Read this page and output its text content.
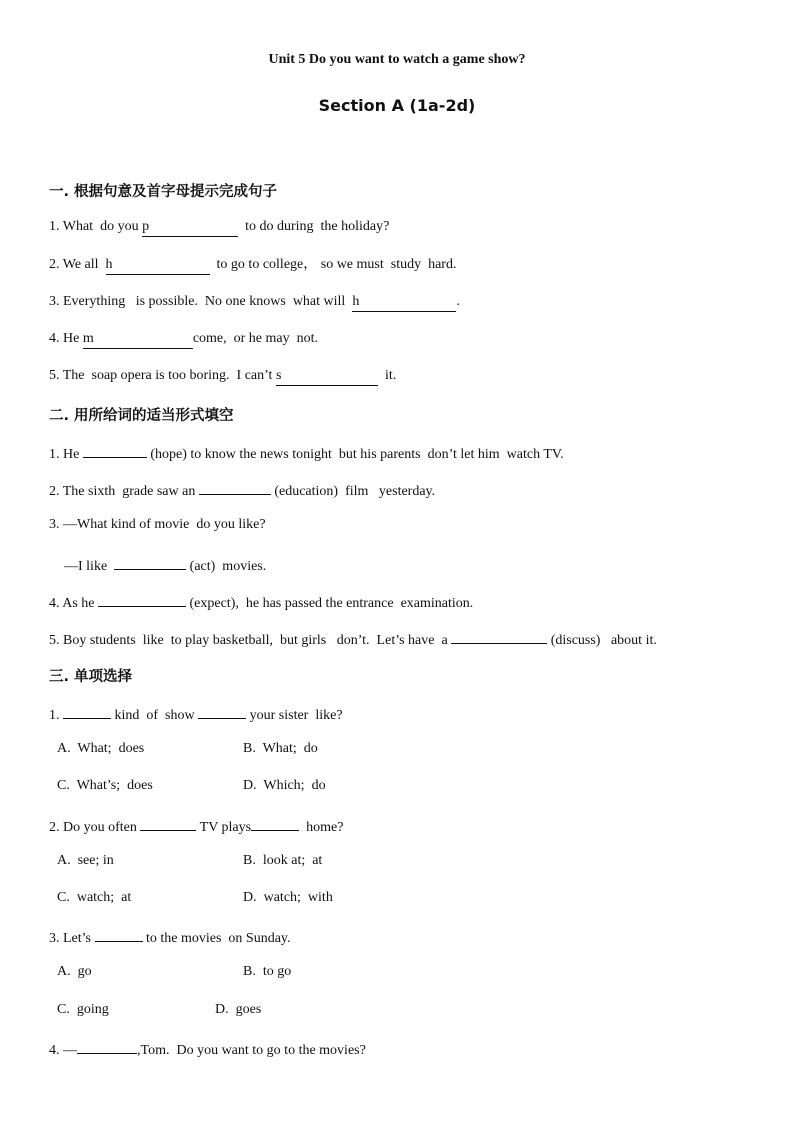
Unit 5 Do you want to watch a game show?
Section A (1a-2d)
一. 根据句意及首字母提示完成句子
1. What  do you p	to do during  the holiday?
2. We all  h	to go to college， so we must  study  hard.
3. Everything   is possible.  No one knows  what will  h	.
4. He m	come,  or he may  not.
5. The  soap opera is too boring.  I can’t s	it.
二. 用所给词的适当形式填空
1. He	(hope) to know the news tonight  but his parents  don’t let him  watch TV.
2. The sixth  grade saw an	(education)  film   yesterday.
3. —What kind of movie  do you like?
—I like	(act)  movies.
4. As he	(expect),  he has passed the entrance  examination.
5. Boy students  like  to play basketball,  but girls   don’t.  Let’s have  a	(discuss)   about it.
三. 单项选择
1.	kind  of  show	your sister  like?
A.  What;  does	B.  What;  do
C.  What’s;  does	D.  Which;  do
2. Do you often	TV plays	home?
A.  see; in	B.  look at;  at
C.  watch;  at	D.  watch;  with
3. Let’s	to the movies  on Sunday.
A.  go	B.  to go
C.  going	D.  goes
4. —	,Tom.  Do you want to go to the movies?
